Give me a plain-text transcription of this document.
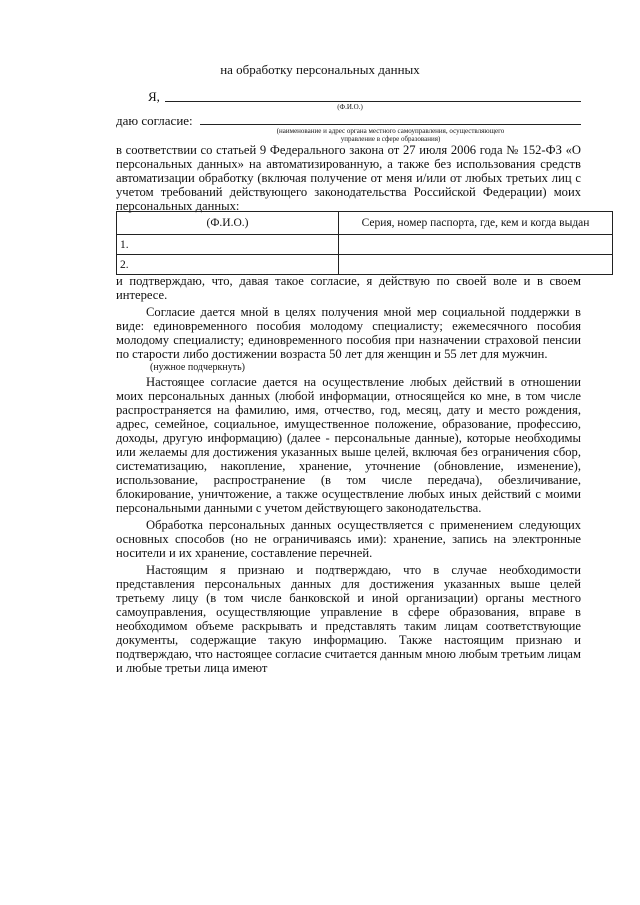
на обработку персональных данных
Я,
(Ф.И.О.)
даю согласие:
(наименование и адрес органа местного самоуправления, осуществляющего
управление в сфере образования)

в соответствии со статьей 9 Федерального закона от 27 июля 2006 года № 152-ФЗ «О персональных данных» на автоматизированную, а также без использования средств автоматизации обработку (включая получение от меня и/или от любых третьих лиц с учетом требований действующего законодательства Российской Федерации) моих персональных данных:

(Ф.И.О.)	Серия, номер паспорта, где, кем и когда выдан
1.	
2.	

и подтверждаю, что, давая такое согласие, я действую по своей воле и в своем интересе.

Согласие дается мной в целях получения мной мер социальной поддержки в виде: единовременного пособия молодому специалисту; ежемесячного пособия молодому специалисту; единовременного пособия при назначении страховой пенсии по старости либо достижении возраста 50 лет для женщин и 55 лет для мужчин.

(нужное подчеркнуть)

Настоящее согласие дается на осуществление любых действий в отношении моих персональных данных (любой информации, относящейся ко мне, в том числе распространяется на фамилию, имя, отчество, год, месяц, дату и место рождения, адрес, семейное, социальное, имущественное положение, образование, профессию, доходы, другую информацию) (далее - персональные данные), которые необходимы или желаемы для достижения указанных выше целей, включая без ограничения сбор, систематизацию, накопление, хранение, уточнение (обновление, изменение), использование, распространение (в том числе передача), обезличивание, блокирование, уничтожение, а также осуществление любых иных действий с моими персональными данными с учетом действующего законодательства.

Обработка персональных данных осуществляется с применением следующих основных способов (но не ограничиваясь ими): хранение, запись на электронные носители и их хранение, составление перечней.

Настоящим я признаю и подтверждаю, что в случае необходимости представления персональных данных для достижения указанных выше целей третьему лицу (в том числе банковской и иной организации) органы местного самоуправления, осуществляющие управление в сфере образования, вправе в необходимом объеме раскрывать и представлять таким лицам соответствующие документы, содержащие такую информацию. Также настоящим признаю и подтверждаю, что настоящее согласие считается данным мною любым третьим лицам и любые третьи лица имеют
